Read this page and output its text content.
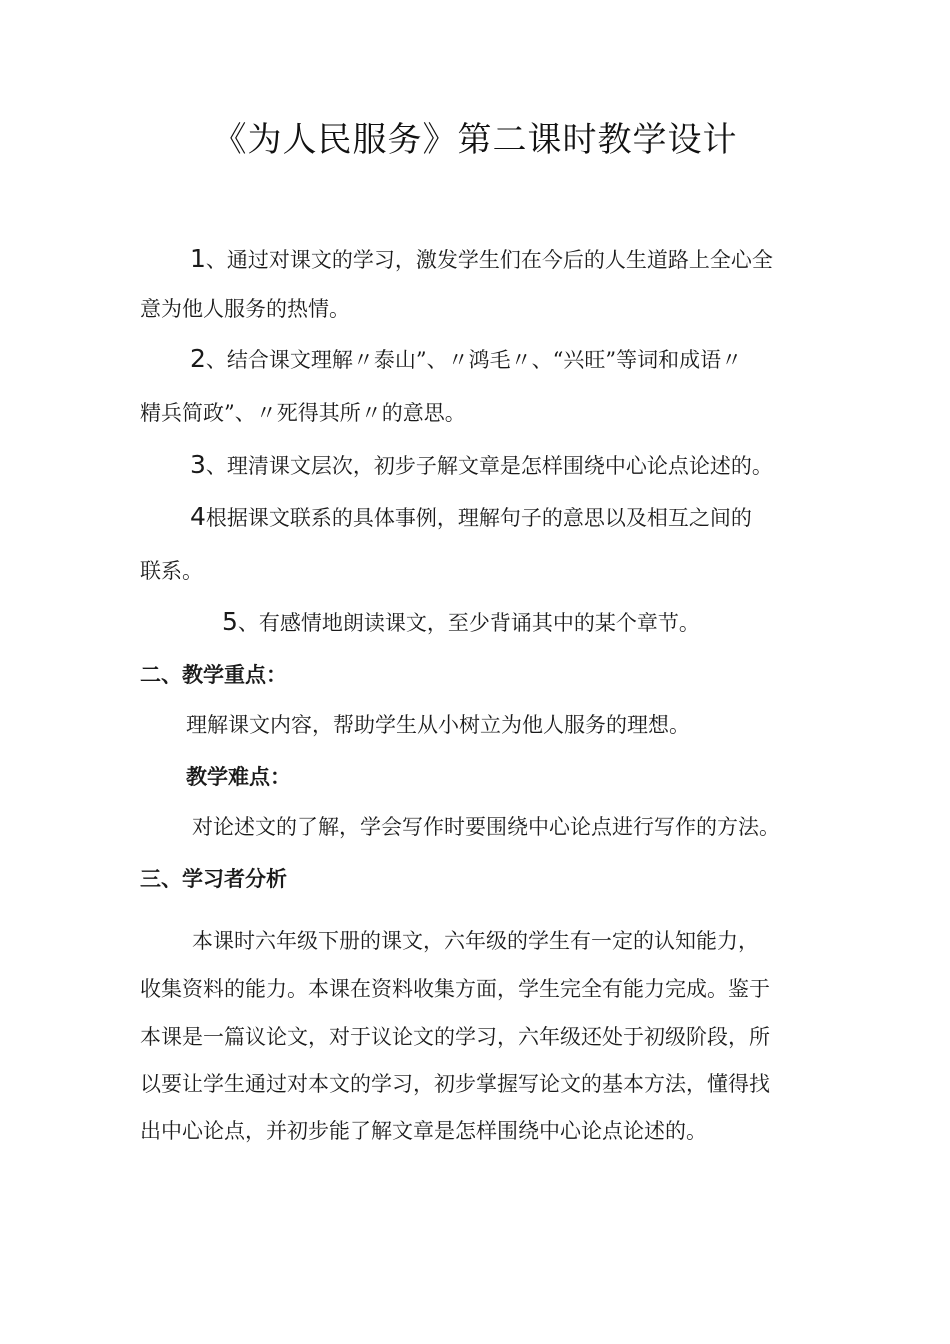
《为人民服务》第二课时教学设计
1、通过对课文的学习，激发学生们在今后的人生道路上全心全
意为他人服务的热情。
2、结合课文理解〃泰山”、〃鸿毛〃、“兴旺”等词和成语〃
精兵简政”、〃死得其所〃的意思。
3、理清课文层次，初步子解文章是怎样围绕中心论点论述的。
4根据课文联系的具体事例，理解句子的意思以及相互之间的
联系。
5、有感情地朗读课文，至少背诵其中的某个章节。
二、教学重点：
理解课文内容，帮助学生从小树立为他人服务的理想。
教学难点：
对论述文的了解，学会写作时要围绕中心论点进行写作的方法。
三、学习者分析
本课时六年级下册的课文，六年级的学生有一定的认知能力，
收集资料的能力。本课在资料收集方面，学生完全有能力完成。鉴于
本课是一篇议论文，对于议论文的学习，六年级还处于初级阶段，所
以要让学生通过对本文的学习，初步掌握写论文的基本方法，懂得找
出中心论点，并初步能了解文章是怎样围绕中心论点论述的。
